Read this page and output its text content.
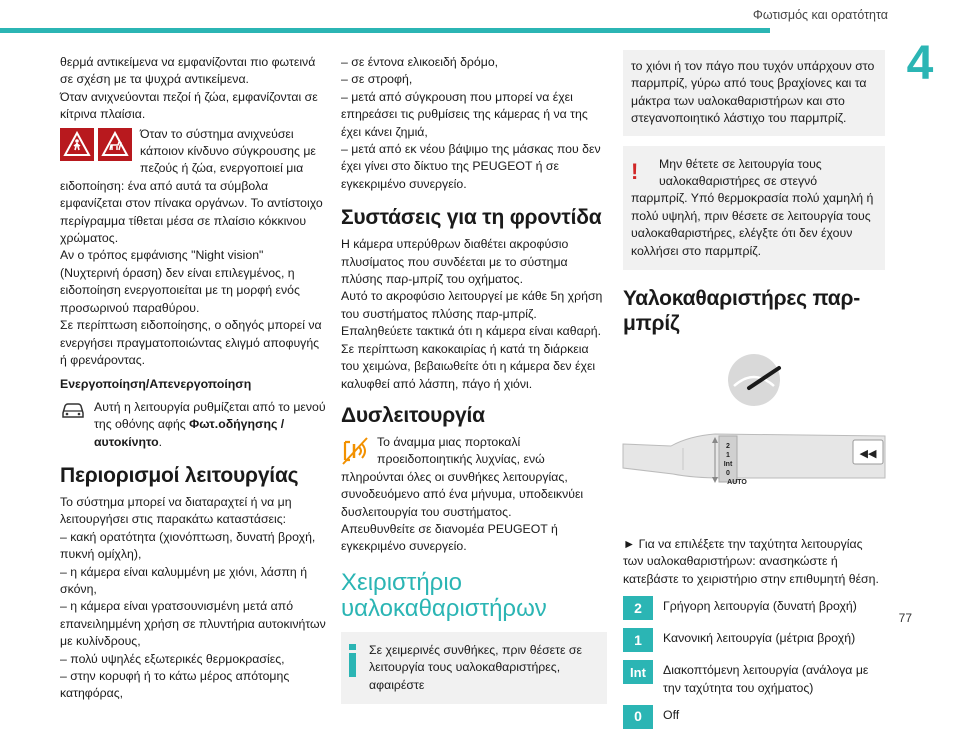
Φωτισμός και ορατότητα
4

θερμά αντικείμενα να εμφανίζονται πιο φωτεινά σε σχέση με τα ψυχρά αντικείμενα.

Όταν ανιχνεύονται πεζοί ή ζώα, εμφανίζονται σε κίτρινα πλαίσια.

Όταν το σύστημα ανιχνεύσει κάποιον κίνδυνο σύγκρουσης με πεζούς ή ζώα, ενεργοποιεί μια ειδοποίηση: ένα από αυτά τα σύμβολα εμφανίζεται στον πίνακα οργάνων. Το αντίστοιχο περίγραμμα τίθεται μέσα σε πλαίσιο κόκκινου χρώματος.

Αν ο τρόπος εμφάνισης "Night vision" (Νυχτερινή όραση) δεν είναι επιλεγμένος, η ειδοποίηση ενεργοποιείται με τη μορφή ενός προσωρινού παραθύρου.

Σε περίπτωση ειδοποίησης, ο οδηγός μπορεί να ενεργήσει πραγματοποιώντας ελιγμό αποφυγής ή φρενάροντας.

Ενεργοποίηση/Απενεργοποίηση

Αυτή η λειτουργία ρυθμίζεται από το μενού της οθόνης αφής Φωτ.οδήγησης / αυτοκίνητο.

Περιορισμοί λειτουργίας

Το σύστημα μπορεί να διαταραχτεί ή να μη λειτουργήσει στις παρακάτω καταστάσεις:

– κακή ορατότητα (χιονόπτωση, δυνατή βροχή, πυκνή ομίχλη),

– η κάμερα είναι καλυμμένη με χιόνι, λάσπη ή σκόνη,

– η κάμερα είναι γρατσουνισμένη μετά από επανειλημμένη χρήση σε πλυντήρια αυτοκινήτων με κυλίνδρους,

– πολύ υψηλές εξωτερικές θερμοκρασίες,

– στην κορυφή ή το κάτω μέρος απότομης κατηφόρας,

– σε έντονα ελικοειδή δρόμο,

– σε στροφή,

– μετά από σύγκρουση που μπορεί να έχει επηρεάσει τις ρυθμίσεις της κάμερας ή να της έχει κάνει ζημιά,

– μετά από εκ νέου βάψιμο της μάσκας που δεν έχει γίνει στο δίκτυο της PEUGEOT ή σε εγκεκριμένο συνεργείο.

Συστάσεις για τη φροντίδα

Η κάμερα υπερύθρων διαθέτει ακροφύσιο πλυσίματος που συνδέεται με το σύστημα πλύσης παρ-μπρίζ του οχήματος.

Αυτό το ακροφύσιο λειτουργεί με κάθε 5η χρήση του συστήματος πλύσης παρ-μπρίζ.

Επαληθεύετε τακτικά ότι η κάμερα είναι καθαρή.

Σε περίπτωση κακοκαιρίας ή κατά τη διάρκεια του χειμώνα, βεβαιωθείτε ότι η κάμερα δεν έχει καλυφθεί από λάσπη, πάγο ή χιόνι.

Δυσλειτουργία

Το άναμμα μιας πορτοκαλί προειδοποιητικής λυχνίας, ενώ πληρούνται όλες οι συνθήκες λειτουργίας, συνοδευόμενο από ένα μήνυμα, υποδεικνύει δυσλειτουργία του συστήματος.

Απευθυνθείτε σε διανομέα PEUGEOT ή εγκεκριμένο συνεργείο.

Χειριστήριο υαλοκαθαριστήρων

Σε χειμερινές συνθήκες, πριν θέσετε σε λειτουργία τους υαλοκαθαριστήρες, αφαιρέστε

το χιόνι ή τον πάγο που τυχόν υπάρχουν στο παρμπρίζ, γύρω από τους βραχίονες και τα μάκτρα των υαλοκαθαριστήρων και στο στεγανοποιητικό λάστιχο του παρμπρίζ.

!	Μην θέτετε σε λειτουργία τους υαλοκαθαριστήρες σε στεγνό παρμπρίζ. Υπό θερμοκρασία πολύ χαμηλή ή πολύ υψηλή, πριν θέσετε σε λειτουργία τους υαλοκαθαριστήρες, ελέγξτε ότι δεν έχουν κολλήσει στο παρμπρίζ.

Υαλοκαθαριστήρες παρ-μπρίζ
◀◀
2
1
Int
0
AUTO

► Για να επιλέξετε την ταχύτητα λειτουργίας των υαλοκαθαριστήρων: ανασηκώστε ή κατεβάστε το χειριστήριο στην επιθυμητή θέση.

2	Γρήγορη λειτουργία (δυνατή βροχή)

1	Κανονική λειτουργία (μέτρια βροχή)

Int	Διακοπτόμενη λειτουργία (ανάλογα με την ταχύτητα του οχήματος)

0	Off

77
